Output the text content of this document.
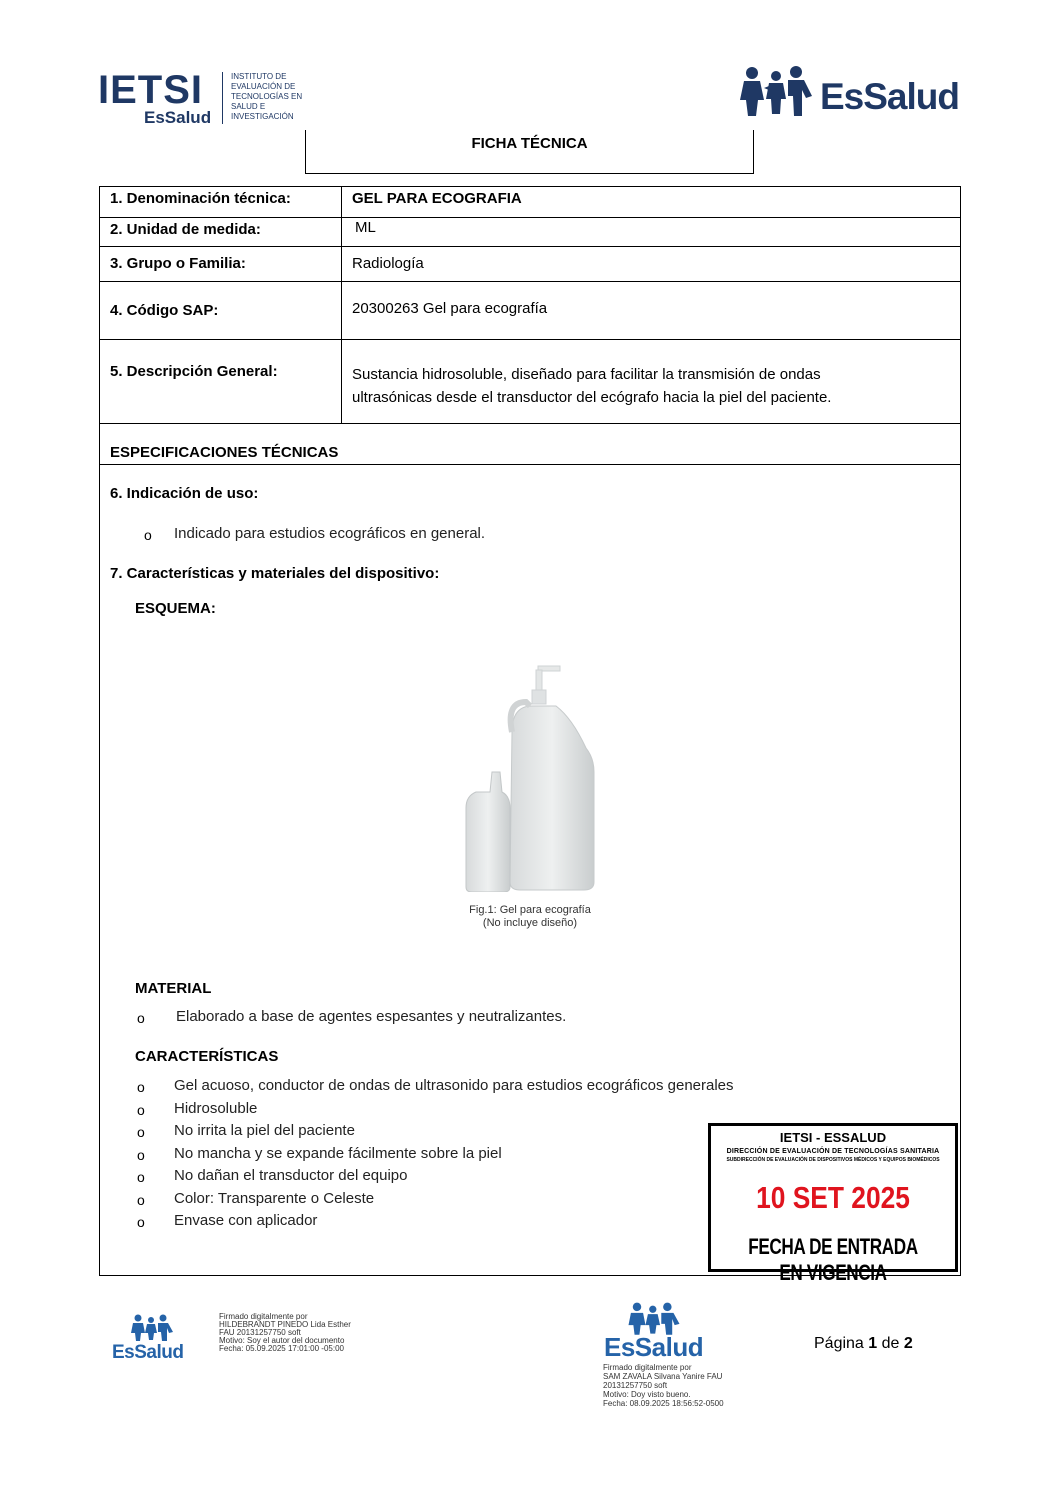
IETSI
EsSalud
INSTITUTO DE
EVALUACIÓN DE
TECNOLOGÍAS EN
SALUD E
INVESTIGACIÓN	EsSalud
FICHA TÉCNICA
1. Denominación técnica:	GEL PARA ECOGRAFIA
2. Unidad de medida:	ML
3. Grupo o Familia:	Radiología
4. Código SAP:	20300263 Gel para ecografía
5. Descripción General:	Sustancia hidrosoluble, diseñado para facilitar la transmisión de ondas
ultrasónicas desde el transductor del ecógrafo hacia la piel del paciente.
ESPECIFICACIONES TÉCNICAS
6. Indicación de uso:
o Indicado para estudios ecográficos en general.
7. Características y materiales del dispositivo:
ESQUEMA:
Fig.1: Gel para ecografía
(No incluye diseño)
MATERIAL
o Elaborado a base de agentes espesantes y neutralizantes.
CARACTERÍSTICAS
o Gel acuoso, conductor de ondas de ultrasonido para estudios ecográficos generales
o Hidrosoluble
o No irrita la piel del paciente
o No mancha y se expande fácilmente sobre la piel
o No dañan el transductor del equipo
o Color: Transparente o Celeste
o Envase con aplicador
IETSI - ESSALUD
DIRECCIÓN DE EVALUACIÓN DE TECNOLOGÍAS SANITARIA
SUBDIRECCIÓN DE EVALUACIÓN DE DISPOSITIVOS MÉDICOS Y EQUIPOS BIOMÉDICOS
10 SET 2025
FECHA DE ENTRADA EN VIGENCIA
EsSalud
Firmado digitalmente por
HILDEBRANDT PINEDO Lida Esther
FAU 20131257750 soft
Motivo: Soy el autor del documento
Fecha: 05.09.2025 17:01:00 -05:00	EsSalud
Firmado digitalmente por
SAM ZAVALA Silvana Yanire FAU
20131257750 soft
Motivo: Doy visto bueno.
Fecha: 08.09.2025 18:56:52-0500
Página 1 de 2
